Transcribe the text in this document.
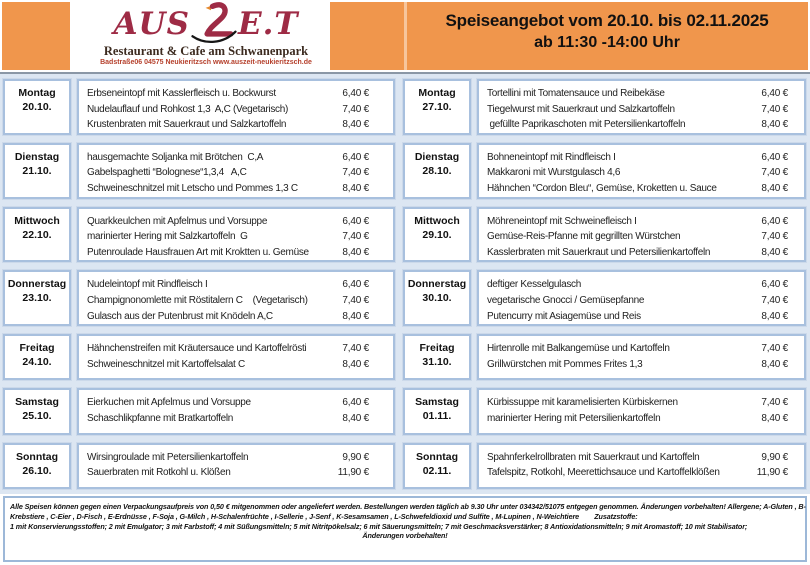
AUS E.T
Restaurant & Cafe am Schwanenpark
Badstraße06 04575 Neukieritzsch www.auszeit-neukieritzsch.de
Speiseangebot vom 20.10. bis 02.11.2025
ab 11:30 -14:00 Uhr
Montag
20.10.
Erbseneintopf mit Kasslerfleisch u. Bockwurst	6,40 €
Nudelauflauf und Rohkost 1,3  A,C (Vegetarisch)	7,40 €
Krustenbraten mit Sauerkraut und Salzkartoffeln	8,40 €
Dienstag
21.10.
hausgemachte Soljanka mit Brötchen  C,A	6,40 €
Gabelspaghetti “Bolognese“1,3,4   A,C	7,40 €
Schweineschnitzel mit Letscho und Pommes 1,3 C	8,40 €
Mittwoch
22.10.
Quarkkeulchen mit Apfelmus und Vorsuppe	6,40 €
marinierter Hering mit Salzkartoffeln  G	7,40 €
Putenroulade Hausfrauen Art mit Kroktten u. Gemüse	8,40 €
Donnerstag
23.10.
Nudeleintopf mit Rindfleisch I	6,40 €
Champignonomlette mit Röstitalern C    (Vegetarisch)	7,40 €
Gulasch aus der Putenbrust mit Knödeln A,C	8,40 €
Freitag
24.10.
Hähnchenstreifen mit Kräutersauce und Kartoffelrösti	7,40 €
Schweineschnitzel mit Kartoffelsalat C	8,40 €
Samstag
25.10.
Eierkuchen mit Apfelmus und Vorsuppe	6,40 €
Schaschlikpfanne mit Bratkartoffeln	8,40 €
Sonntag
26.10.
Wirsingroulade mit Petersilienkartoffeln	9,90 €
Sauerbraten mit Rotkohl u. Klößen	11,90 €
Montag
27.10.
Tortellini mit Tomatensauce und Reibekäse	6,40 €
Tiegelwurst mit Sauerkraut und Salzkartoffeln	7,40 €
gefüllte Paprikaschoten mit Petersilienkartoffeln	8,40 €
Dienstag
28.10.
Bohneneintopf mit Rindfleisch I	6,40 €
Makkaroni mit Wurstgulasch 4,6	7,40 €
Hähnchen “Cordon Bleu“, Gemüse, Kroketten u. Sauce	8,40 €
Mittwoch
29.10.
Möhreneintopf mit Schweinefleisch I	6,40 €
Gemüse-Reis-Pfanne mit gegrillten Würstchen	7,40 €
Kasslerbraten mit Sauerkraut und Petersilienkartoffeln	8,40 €
Donnerstag
30.10.
deftiger Kesselgulasch	6,40 €
vegetarische Gnocci / Gemüsepfanne	7,40 €
Putencurry mit Asiagemüse und Reis	8,40 €
Freitag
31.10.
Hirtenrolle mit Balkangemüse und Kartoffeln	7,40 €
Grillwürstchen mit Pommes Frites 1,3	8,40 €
Samstag
01.11.
Kürbissuppe mit karamelisierten Kürbiskernen	7,40 €
marinierter Hering mit Petersilienkartoffeln	8,40 €
Sonntag
02.11.
Spahnferkelrollbraten mit Sauerkraut und Kartoffeln	9,90 €
Tafelspitz, Rotkohl, Meerettichsauce und Kartoffelklößen	11,90 €
Alle Speisen können gegen einen Verpackungsaufpreis von 0,50 € mitgenommen oder angeliefert werden. Bestellungen werden täglich ab 9.30 Uhr unter 034342/51075 entgegen genommen. Änderungen vorbehalten! Allergene; A-Gluten , B-
Krebstiere , C-Eier , D-Fisch , E-Erdnüsse , F-Soja , G-Milch , H-Schalenfrüchte , I-Sellerie , J-Senf , K-Sesamsamen , L-Schwefeldioxid und Sulfite , M-Lupinen , N-Weichtiere        Zusatzstoffe:
1 mit Konservierungsstoffen; 2 mit Emulgator; 3 mit Farbstoff; 4 mit Süßungsmitteln; 5 mit Nitritpökelsalz; 6 mit Säuerungsmitteln; 7 mit Geschmacksverstärker; 8 Antioxidationsmitteln; 9 mit Aromastoff; 10 mit Stabilisator;
Änderungen vorbehalten!
